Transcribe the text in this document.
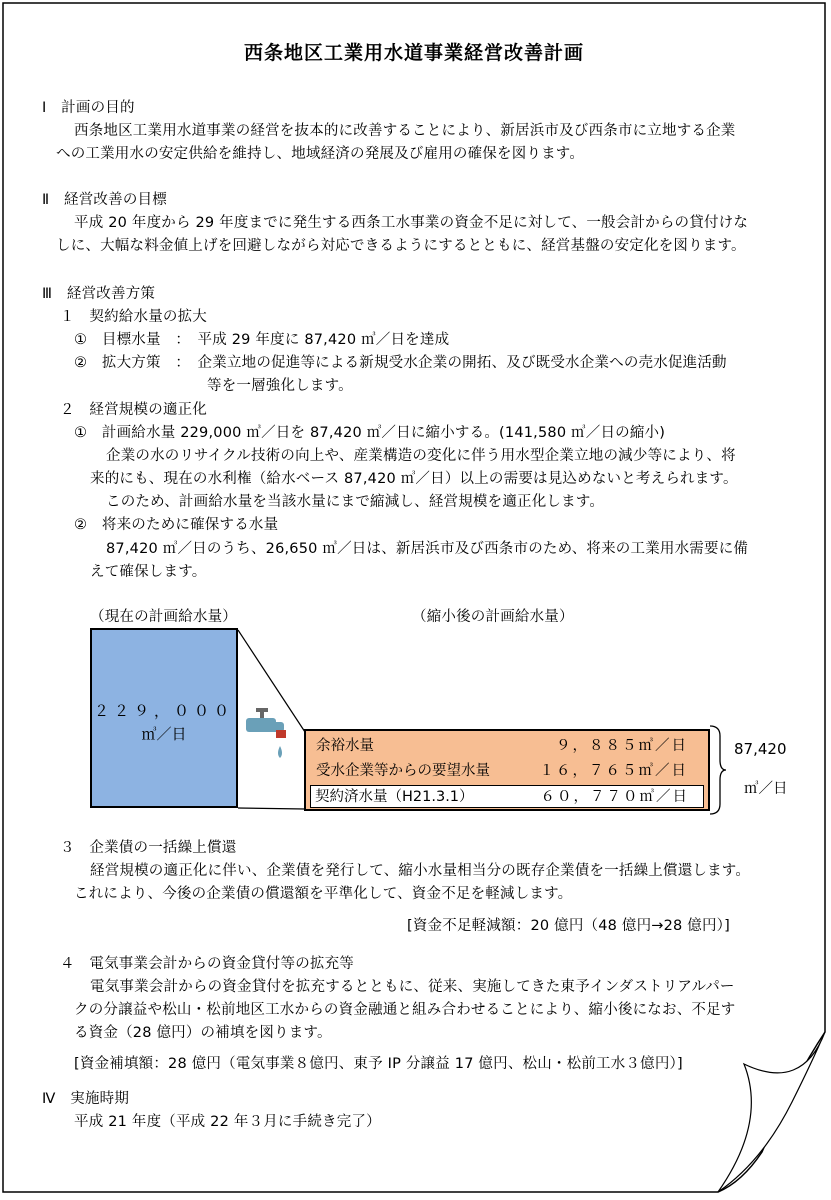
西条地区工業用水道事業経営改善計画
Ⅰ　計画の目的
西条地区工業用水道事業の経営を抜本的に改善することにより、新居浜市及び西条市に立地する企業
への工業用水の安定供給を維持し、地域経済の発展及び雇用の確保を図ります。
Ⅱ　経営改善の目標
平成 20 年度から 29 年度までに発生する西条工水事業の資金不足に対して、一般会計からの貸付けな
しに、大幅な料金値上げを回避しながら対応できるようにするとともに、経営基盤の安定化を図ります。
Ⅲ　経営改善方策
１　契約給水量の拡大
①　目標水量　：　平成 29 年度に 87,420 ㎥／日を達成
②　拡大方策　：　企業立地の促進等による新規受水企業の開拓、及び既受水企業への売水促進活動
等を一層強化します。
２　経営規模の適正化
①　計画給水量 229,000 ㎥／日を 87,420 ㎥／日に縮小する。(141,580 ㎥／日の縮小)
企業の水のリサイクル技術の向上や、産業構造の変化に伴う用水型企業立地の減少等により、将
来的にも、現在の水利権（給水ベース 87,420 ㎥／日）以上の需要は見込めないと考えられます。
このため、計画給水量を当該水量にまで縮減し、経営規模を適正化します。
②　将来のために確保する水量
87,420 ㎥／日のうち、26,650 ㎥／日は、新居浜市及び西条市のため、将来の工業用水需要に備
えて確保します。
（現在の計画給水量）	（縮小後の計画給水量）
２２９，０００
㎥／日
余裕水量	９，８８５㎥／日
受水企業等からの要望水量	１６，７６５㎥／日
契約済水量（H21.3.1）	６０，７７０㎥／日
87,420
㎥／日
３　企業債の一括繰上償還
経営規模の適正化に伴い、企業債を発行して、縮小水量相当分の既存企業債を一括繰上償還します。
これにより、今後の企業債の償還額を平準化して、資金不足を軽減します。
[資金不足軽減額：20 億円（48 億円→28 億円）]
４　電気事業会計からの資金貸付等の拡充等
電気事業会計からの資金貸付を拡充するとともに、従来、実施してきた東予インダストリアルパー
クの分譲益や松山・松前地区工水からの資金融通と組み合わせることにより、縮小後になお、不足す
る資金（28 億円）の補填を図ります。
[資金補填額：28 億円（電気事業８億円、東予 IP 分譲益 17 億円、松山・松前工水３億円）]
Ⅳ　実施時期
平成 21 年度（平成 22 年３月に手続き完了）
